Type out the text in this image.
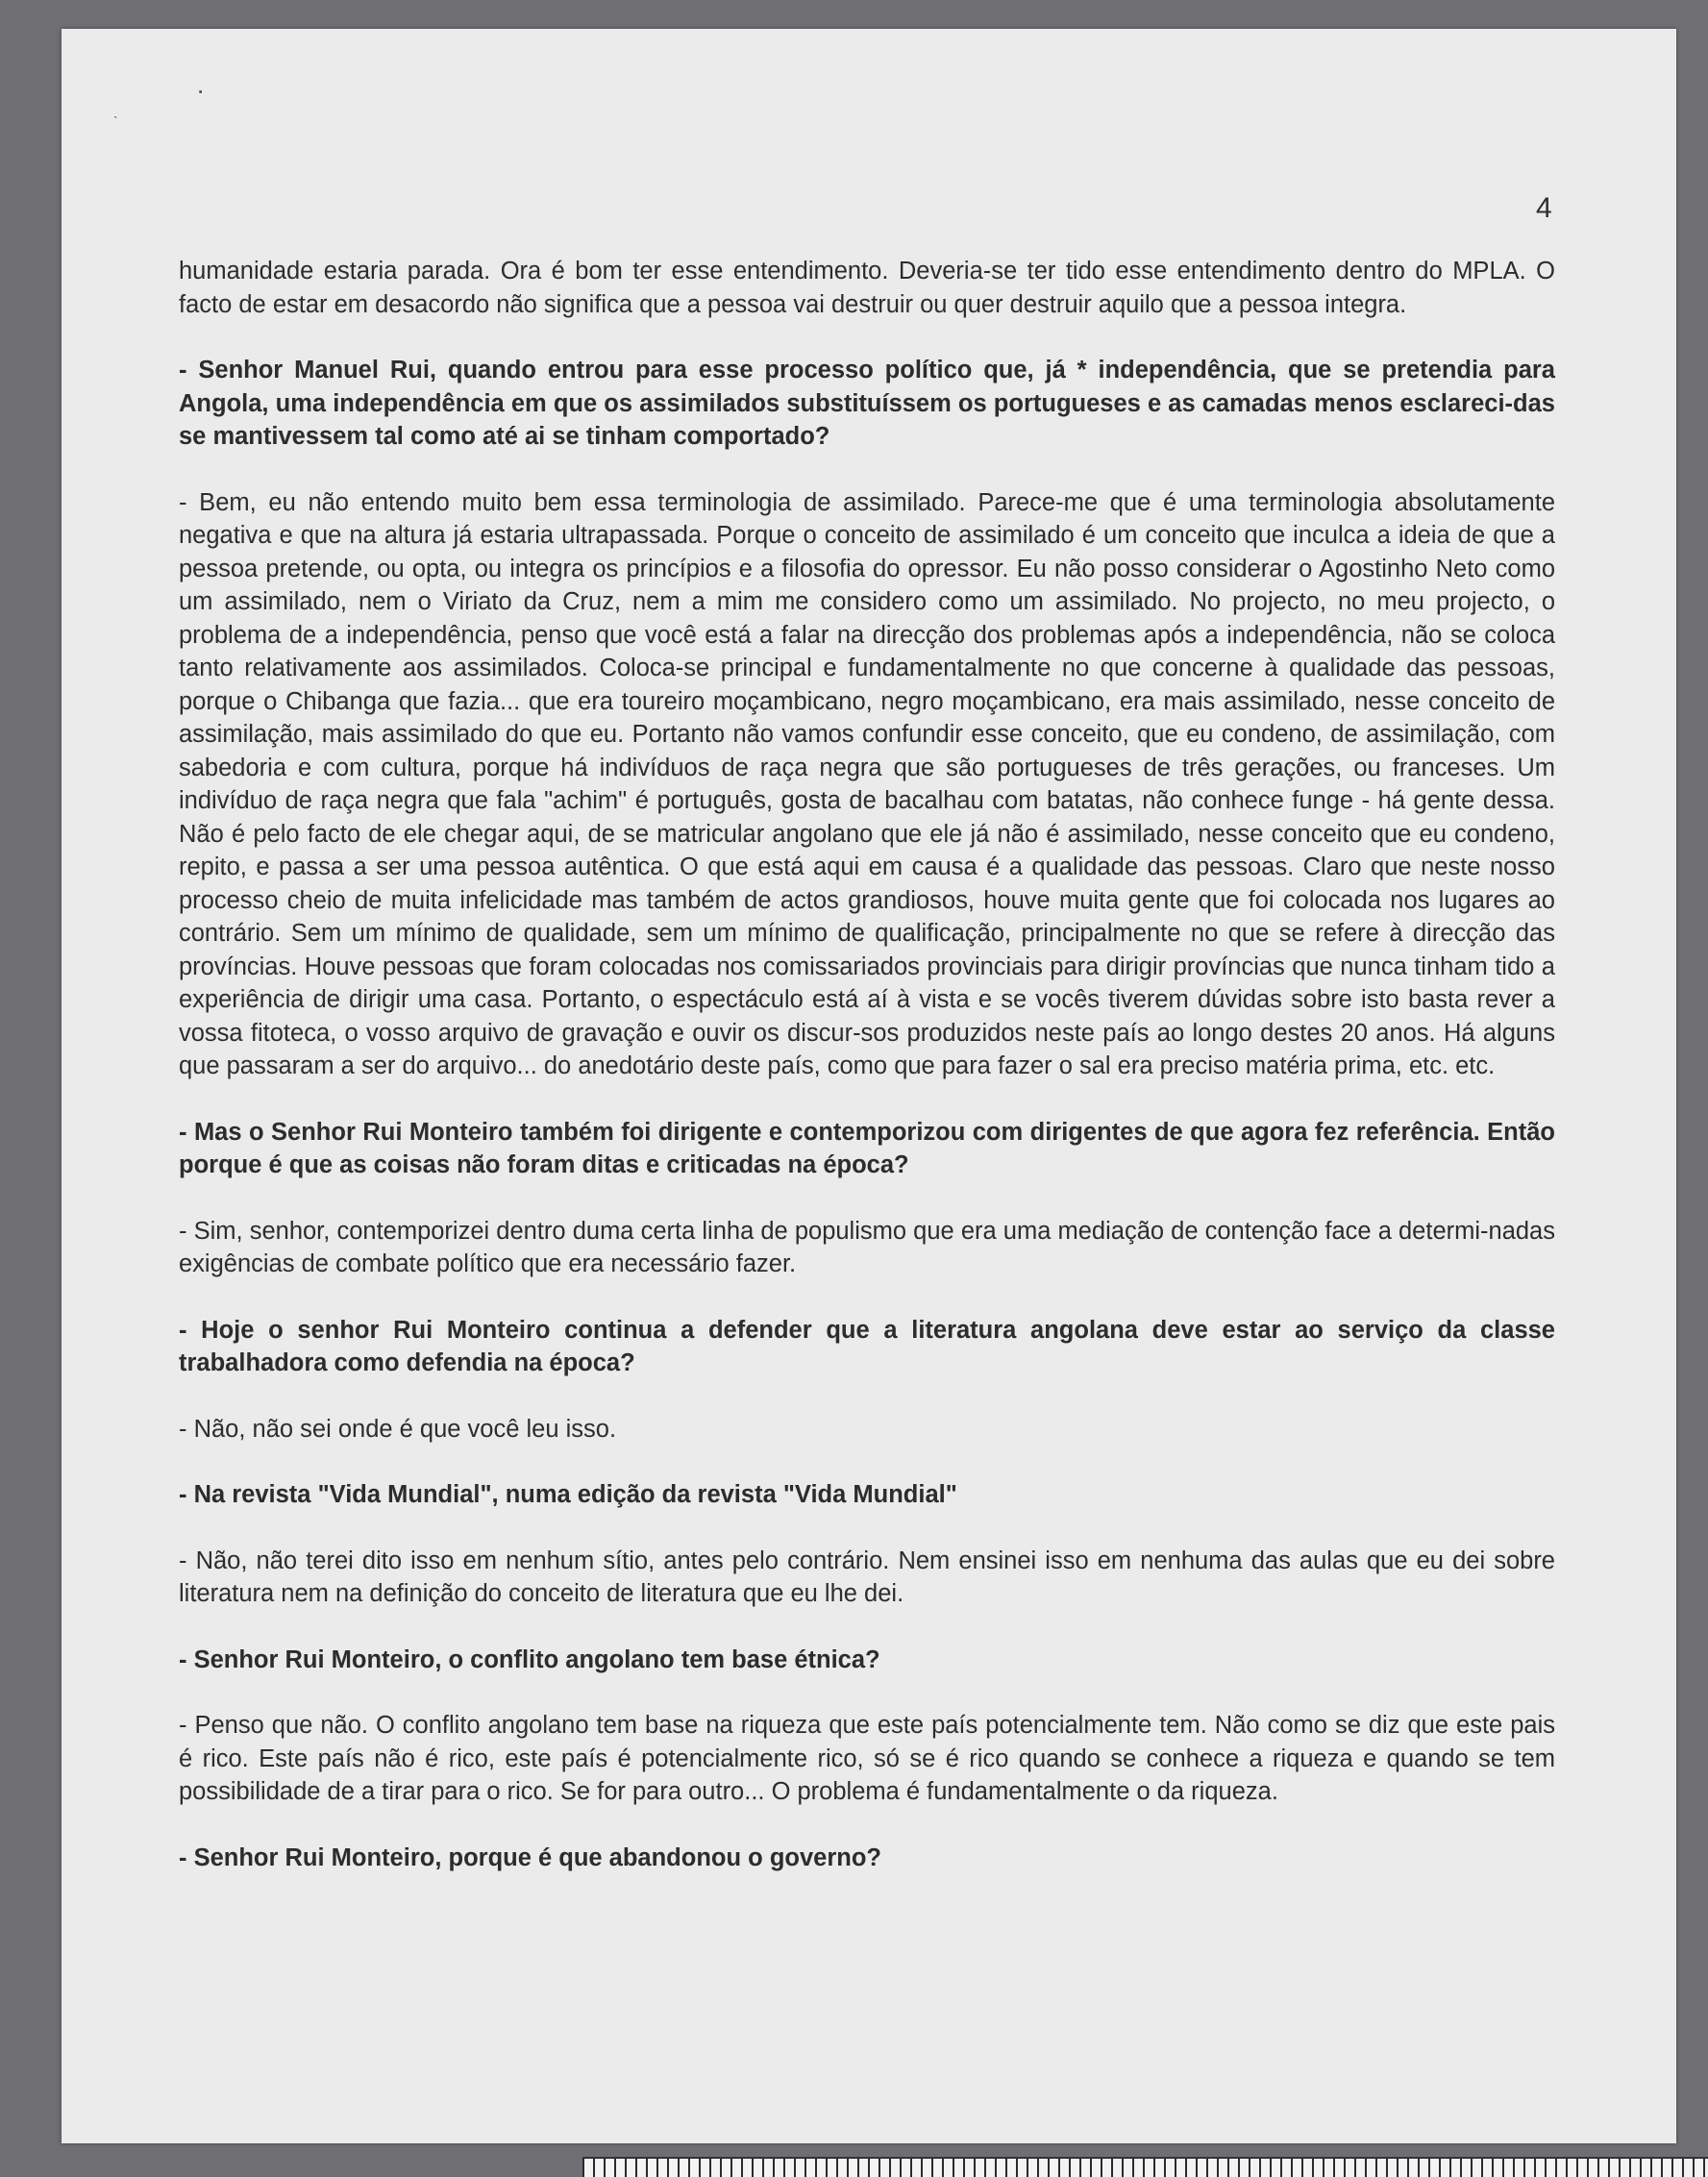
·
`
4

humanidade estaria parada. Ora é bom ter esse entendimento. Deveria-se ter tido esse entendimento dentro do MPLA. O facto de estar em desacordo não significa que a pessoa vai destruir ou quer destruir aquilo que a pessoa integra.

- Senhor Manuel Rui, quando entrou para esse processo político que, já * independência, que se pretendia para Angola, uma independência em que os assimilados substituíssem os portugueses e as camadas menos esclareci-das se mantivessem tal como até ai se tinham comportado?

- Bem, eu não entendo muito bem essa terminologia de assimilado. Parece-me que é uma terminologia absolutamente negativa e que na altura já estaria ultrapassada. Porque o conceito de assimilado é um conceito que inculca a ideia de que a pessoa pretende, ou opta, ou integra os princípios e a filosofia do opressor. Eu não posso considerar o Agostinho Neto como um assimilado, nem o Viriato da Cruz, nem a mim me considero como um assimilado. No projecto, no meu projecto, o problema de a independência, penso que você está a falar na direcção dos problemas após a independência, não se coloca tanto relativamente aos assimilados. Coloca-se principal e fundamentalmente no que concerne à qualidade das pessoas, porque o Chibanga que fazia... que era toureiro moçambicano, negro moçambicano, era mais assimilado, nesse conceito de assimilação, mais assimilado do que eu. Portanto não vamos confundir esse conceito, que eu condeno, de assimilação, com sabedoria e com cultura, porque há indivíduos de raça negra que são portugueses de três gerações, ou franceses. Um indivíduo de raça negra que fala "achim" é português, gosta de bacalhau com batatas, não conhece funge - há gente dessa. Não é pelo facto de ele chegar aqui, de se matricular angolano que ele já não é assimilado, nesse conceito que eu condeno, repito, e passa a ser uma pessoa autêntica. O que está aqui em causa é a qualidade das pessoas. Claro que neste nosso processo cheio de muita infelicidade mas também de actos grandiosos, houve muita gente que foi colocada nos lugares ao contrário. Sem um mínimo de qualidade, sem um mínimo de qualificação, principalmente no que se refere à direcção das províncias. Houve pessoas que foram colocadas nos comissariados provinciais para dirigir províncias que nunca tinham tido a experiência de dirigir uma casa. Portanto, o espectáculo está aí à vista e se vocês tiverem dúvidas sobre isto basta rever a vossa fitoteca, o vosso arquivo de gravação e ouvir os discur-sos produzidos neste país ao longo destes 20 anos. Há alguns que passaram a ser do arquivo... do anedotário deste país, como que para fazer o sal era preciso matéria prima, etc. etc.

- Mas o Senhor Rui Monteiro também foi dirigente e contemporizou com dirigentes de que agora fez referência. Então porque é que as coisas não foram ditas e criticadas na época?

- Sim, senhor, contemporizei dentro duma certa linha de populismo que era uma mediação de contenção face a determi-nadas exigências de combate político que era necessário fazer.

- Hoje o senhor Rui Monteiro continua a defender que a literatura angolana deve estar ao serviço da classe trabalhadora como defendia na época?

- Não, não sei onde é que você leu isso.

- Na revista "Vida Mundial", numa edição da revista "Vida Mundial"

- Não, não terei dito isso em nenhum sítio, antes pelo contrário. Nem ensinei isso em nenhuma das aulas que eu dei sobre literatura nem na definição do conceito de literatura que eu lhe dei.

- Senhor Rui Monteiro, o conflito angolano tem base étnica?

- Penso que não. O conflito angolano tem base na riqueza que este país potencialmente tem. Não como se diz que este pais é rico. Este país não é rico, este país é potencialmente rico, só se é rico quando se conhece a riqueza e quando se tem possibilidade de a tirar para o rico. Se for para outro... O problema é fundamentalmente o da riqueza.

- Senhor Rui Monteiro, porque é que abandonou o governo?
